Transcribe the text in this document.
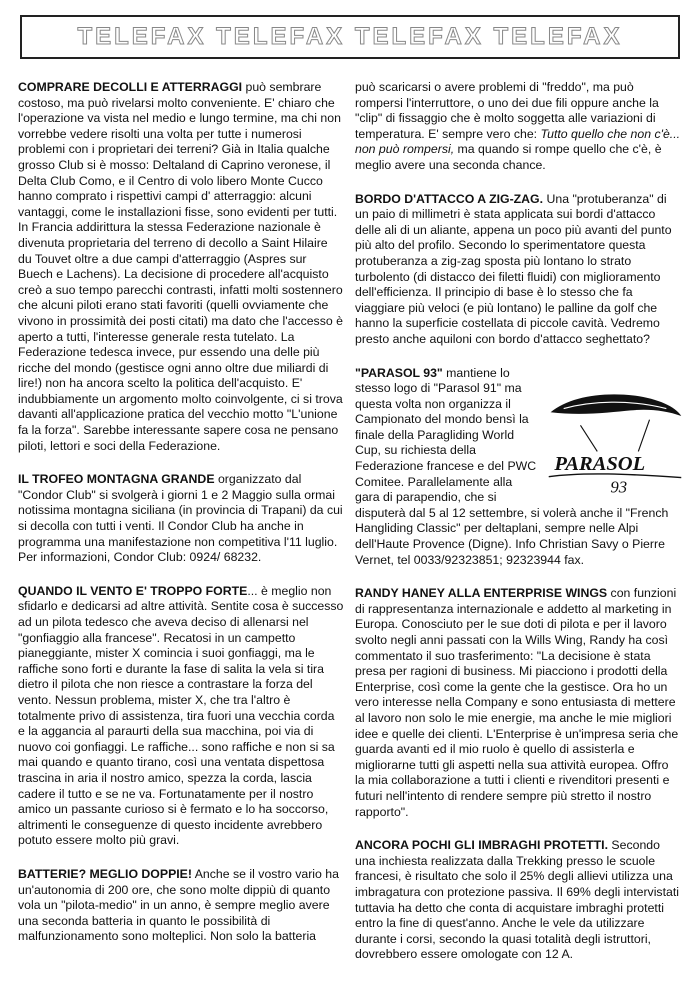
TELEFAX TELEFAX TELEFAX TELEFAX

COMPRARE DECOLLI E ATTERRAGGI può sembrare costoso, ma può rivelarsi molto conveniente. E' chiaro che l'operazione va vista nel medio e lungo termine, ma chi non vorrebbe vedere risolti una volta per tutte i numerosi problemi con i proprietari dei terreni? Già in Italia qualche grosso Club si è mosso: Deltaland di Caprino veronese, il Delta Club Como, e il Centro di volo libero Monte Cucco hanno comprato i rispettivi campi d' atterraggio: alcuni vantaggi, come le installazioni fisse, sono evidenti per tutti. In Francia addirittura la stessa Federazione nazionale è divenuta proprietaria del terreno di decollo a Saint Hilaire du Touvet oltre a due campi d'atterraggio (Aspres sur Buech e Lachens). La decisione di procedere all'acquisto creò a suo tempo parecchi contrasti, infatti molti sostennero che alcuni piloti erano stati favoriti (quelli ovviamente che vivono in prossimità dei posti citati) ma dato che l'accesso è aperto a tutti, l'interesse generale resta tutelato. La Federazione tedesca invece, pur essendo una delle più ricche del mondo (gestisce ogni anno oltre due miliardi di lire!) non ha ancora scelto la politica dell'acquisto. E' indubbiamente un argomento molto coinvolgente, ci si trova davanti all'applicazione pratica del vecchio motto "L'unione fa la forza". Sarebbe interessante sapere cosa ne pensano piloti, lettori e soci della Federazione.

IL TROFEO MONTAGNA GRANDE organizzato dal "Condor Club" si svolgerà i giorni 1 e 2 Maggio sulla ormai notissima montagna siciliana (in provincia di Trapani) da cui si decolla con tutti i venti. Il Condor Club ha anche in programma una manifestazione non competitiva l'11 luglio. Per informazioni, Condor Club: 0924/ 68232.

QUANDO IL VENTO E' TROPPO FORTE... è meglio non sfidarlo e dedicarsi ad altre attività. Sentite cosa è successo ad un pilota tedesco che aveva deciso di allenarsi nel "gonfiaggio alla francese". Recatosi in un campetto pianeggiante, mister X comincia i suoi gonfiaggi, ma le raffiche sono forti e durante la fase di salita la vela si tira dietro il pilota che non riesce a contrastare la forza del vento. Nessun problema, mister X, che tra l'altro è totalmente privo di assistenza, tira fuori una vecchia corda e la aggancia al paraurti della sua macchina, poi via di nuovo coi gonfiaggi. Le raffiche... sono raffiche e non si sa mai quando e quanto tirano, così una ventata dispettosa trascina in aria il nostro amico, spezza la corda, lascia cadere il tutto e se ne va. Fortunatamente per il nostro amico un passante curioso si è fermato e lo ha soccorso, altrimenti le conseguenze di questo incidente avrebbero potuto essere molto più gravi.

BATTERIE? MEGLIO DOPPIE! Anche se il vostro vario ha un'autonomia di 200 ore, che sono molte dippiù di quanto vola un "pilota-medio" in un anno, è sempre meglio avere una seconda batteria in quanto le possibilità di malfunzionamento sono molteplici. Non solo la batteria

può scaricarsi o avere problemi di "freddo", ma può rompersi l'interruttore, o uno dei due fili oppure anche la "clip" di fissaggio che è molto soggetta alle variazioni di temperatura. E' sempre vero che: Tutto quello che non c'è... non può rompersi, ma quando si rompe quello che c'è, è meglio avere una seconda chance.

BORDO D'ATTACCO A ZIG-ZAG. Una "protuberanza" di un paio di millimetri è stata applicata sui bordi d'attacco delle ali di un aliante, appena un poco più avanti del punto più alto del profilo. Secondo lo sperimentatore questa protuberanza a zig-zag sposta più lontano lo strato turbolento (di distacco dei filetti fluidi) con miglioramento dell'efficienza. Il principio di base è lo stesso che fa viaggiare più veloci (e più lontano) le palline da golf che hanno la superficie costellata di piccole cavità. Vedremo presto anche aquiloni con bordo d'attacco seghettato?

PARASOL
93

"PARASOL 93" mantiene lo stesso logo di "Parasol 91" ma questa volta non organizza il Campionato del mondo bensì la finale della Paragliding World Cup, su richiesta della Federazione francese e del PWC Comitee. Parallelamente alla gara di parapendio, che si disputerà dal 5 al 12 settembre, si volerà anche il "French Hangliding Classic" per deltaplani, sempre nelle Alpi dell'Haute Provence (Digne). Info Christian Savy o Pierre Vernet, tel 0033/92323851; 92323944 fax.

RANDY HANEY ALLA ENTERPRISE WINGS con funzioni di rappresentanza internazionale e addetto al marketing in Europa. Conosciuto per le sue doti di pilota e per il lavoro svolto negli anni passati con la Wills Wing, Randy ha così commentato il suo trasferimento: "La decisione è stata presa per ragioni di business. Mi piacciono i prodotti della Enterprise, così come la gente che la gestisce. Ora ho un vero interesse nella Company e sono entusiasta di mettere al lavoro non solo le mie energie, ma anche le mie migliori idee e quelle dei clienti. L'Enterprise è un'impresa seria che guarda avanti ed il mio ruolo è quello di assisterla e migliorarne tutti gli aspetti nella sua attività europea. Offro la mia collaborazione a tutti i clienti e rivenditori presenti e futuri nell'intento di rendere sempre più stretto il nostro rapporto".

ANCORA POCHI GLI IMBRAGHI PROTETTI. Secondo una inchiesta realizzata dalla Trekking presso le scuole francesi, è risultato che solo il 25% degli allievi utilizza una imbragatura con protezione passiva. Il 69% degli intervistati tuttavia ha detto che conta di acquistare imbraghi protetti entro la fine di quest'anno. Anche le vele da utilizzare durante i corsi, secondo la quasi totalità degli istruttori, dovrebbero essere omologate con 12 A.
